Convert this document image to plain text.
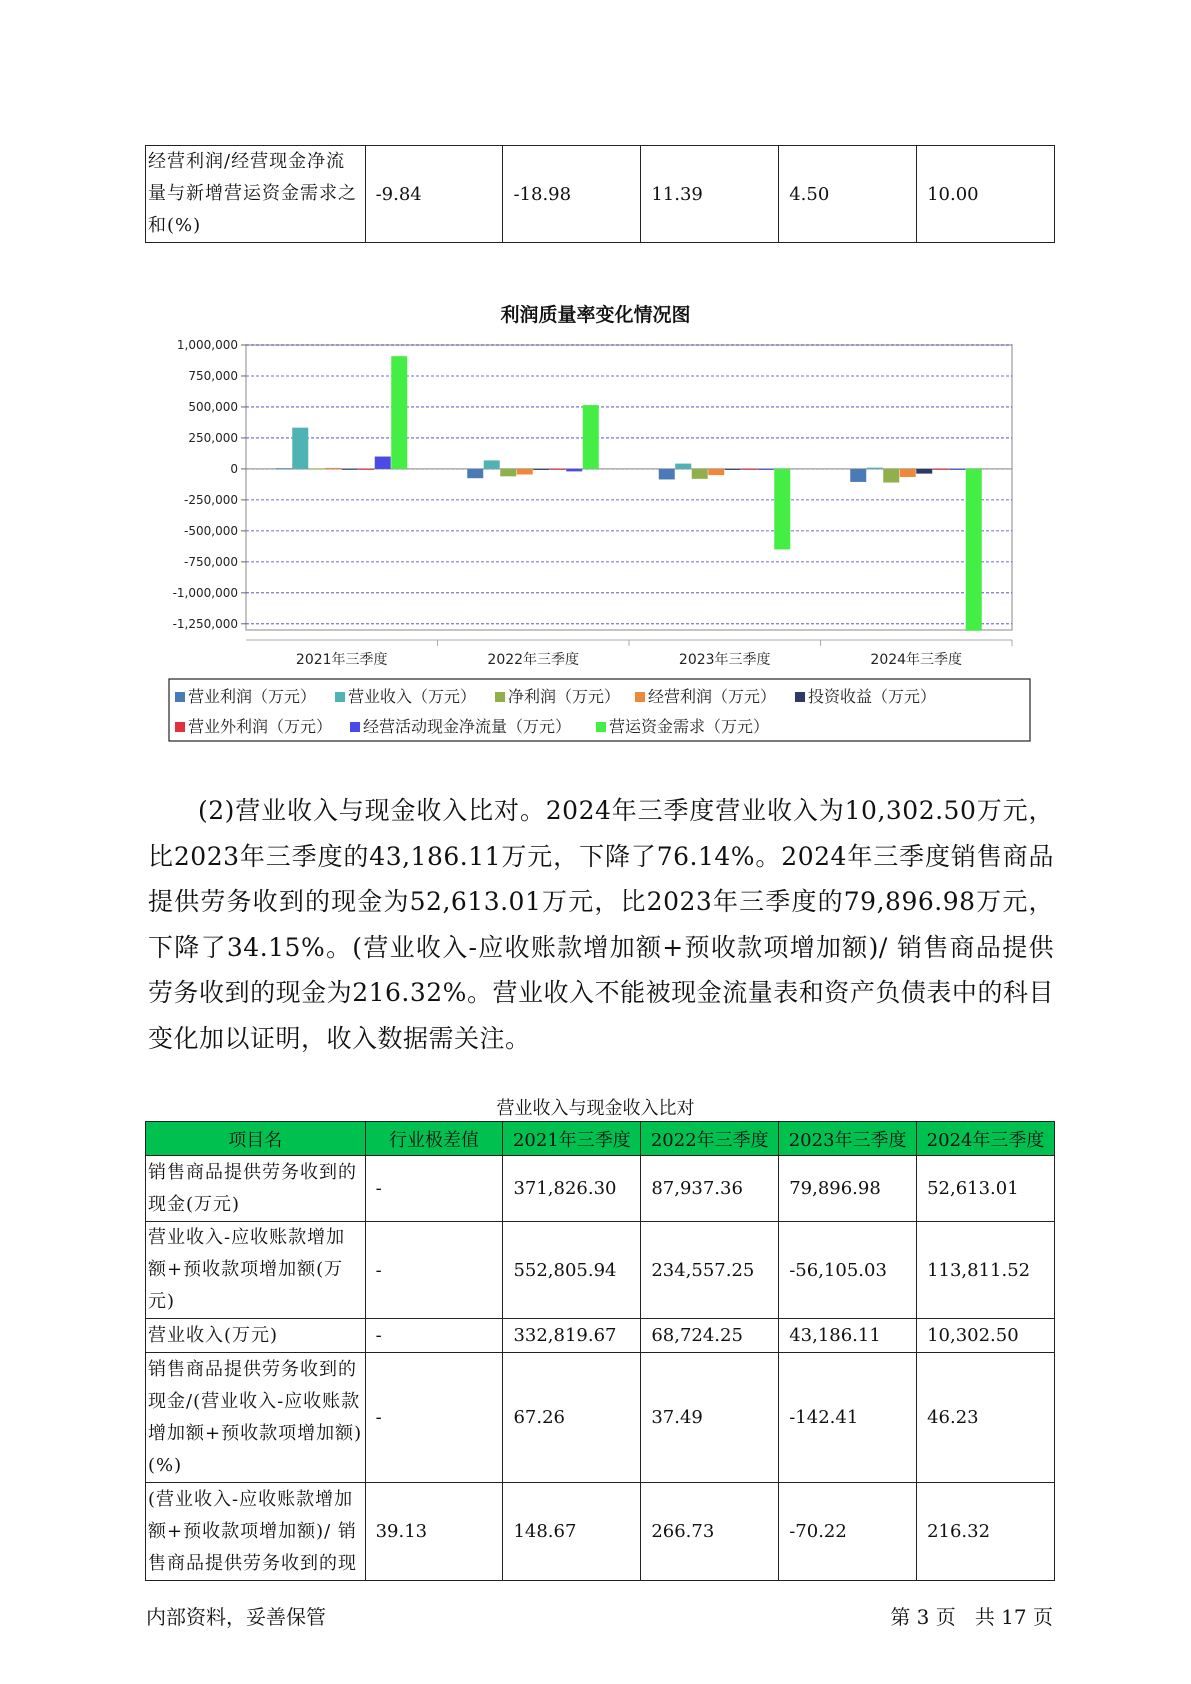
经营利润/经营现金净流量与新增营运资金需求之和(%)	-9.84	-18.98	11.39	4.50	10.00
利润质量率变化情况图
1,000,000
750,000
500,000
250,000
0
-250,000
-500,000
-750,000
-1,000,000
-1,250,000
2021年三季度	2022年三季度	2023年三季度	2024年三季度
营业利润（万元） 营业收入（万元） 净利润（万元） 经营利润（万元） 投资收益（万元）
营业外利润（万元） 经营活动现金净流量（万元） 营运资金需求（万元）
(2)营业收入与现金收入比对。2024年三季度营业收入为10,302.50万元，比2023年三季度的43,186.11万元，下降了76.14%。2024年三季度销售商品提供劳务收到的现金为52,613.01万元，比2023年三季度的79,896.98万元，下降了34.15%。(营业收入-应收账款增加额+预收款项增加额)/ 销售商品提供劳务收到的现金为216.32%。营业收入不能被现金流量表和资产负债表中的科目变化加以证明，收入数据需关注。
营业收入与现金收入比对
项目名	行业极差值	2021年三季度	2022年三季度	2023年三季度	2024年三季度
销售商品提供劳务收到的现金(万元)	-	371,826.30	87,937.36	79,896.98	52,613.01
营业收入-应收账款增加额+预收款项增加额(万元)	-	552,805.94	234,557.25	-56,105.03	113,811.52
营业收入(万元)	-	332,819.67	68,724.25	43,186.11	10,302.50
销售商品提供劳务收到的现金/(营业收入-应收账款增加额+预收款项增加额)(%)	-	67.26	37.49	-142.41	46.23
(营业收入-应收账款增加额+预收款项增加额)/ 销售商品提供劳务收到的现	39.13	148.67	266.73	-70.22	216.32
内部资料，妥善保管	第 3 页   共 17 页
